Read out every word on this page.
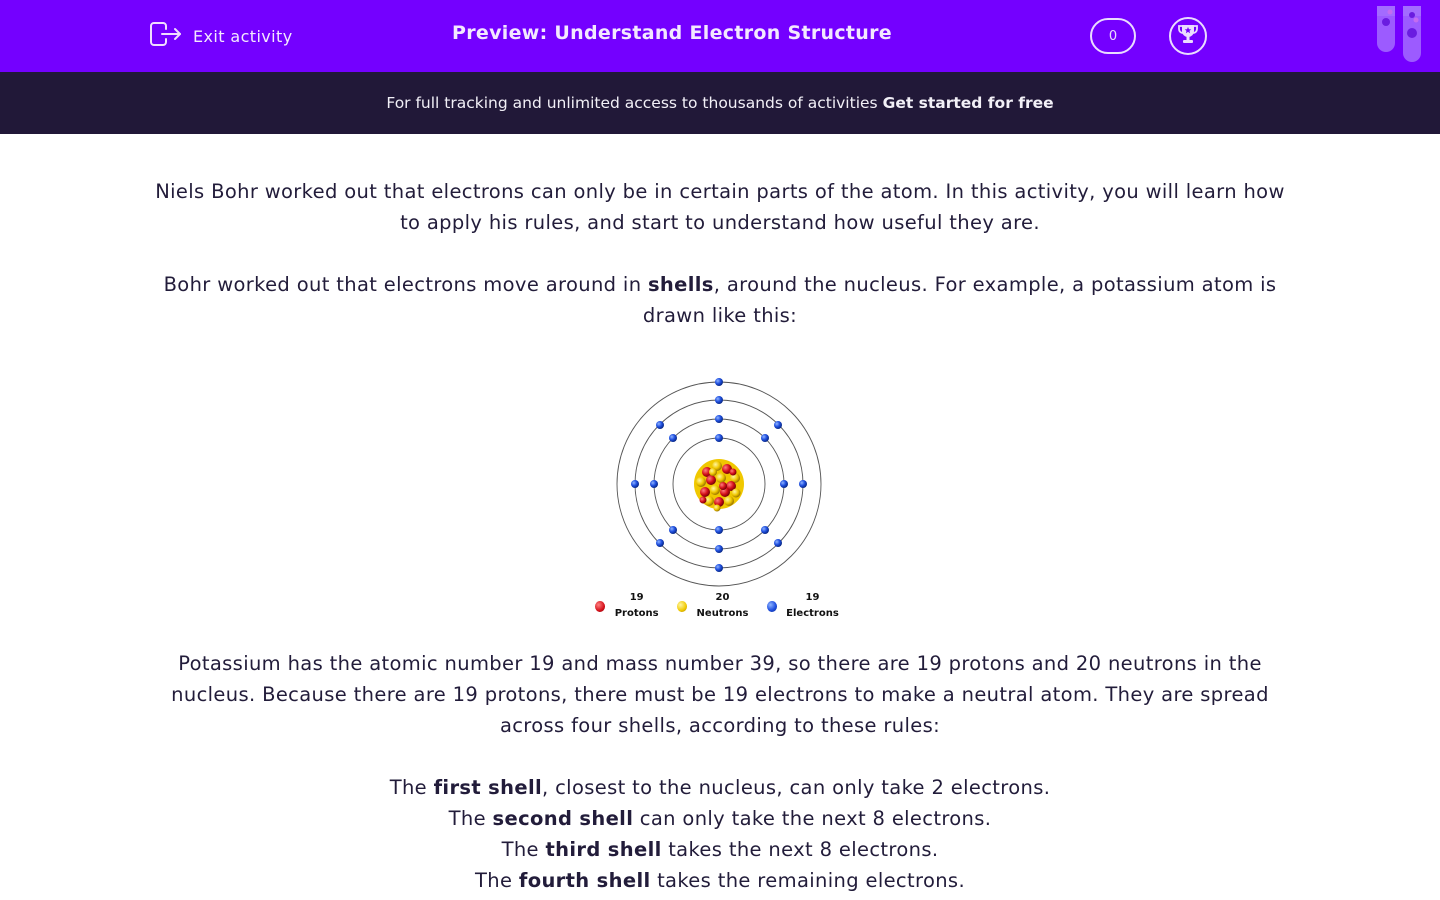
Exit activity	Preview: Understand Electron Structure	0
For full tracking and unlimited access to thousands of activities Get started for free

Niels Bohr worked out that electrons can only be in certain parts of the atom. In this activity, you will learn how to apply his rules, and start to understand how useful they are.

Bohr worked out that electrons move around in shells, around the nucleus. For example, a potassium atom is drawn like this:

19 Protons
20 Neutrons
19 Electrons

Potassium has the atomic number 19 and mass number 39, so there are 19 protons and 20 neutrons in the nucleus. Because there are 19 protons, there must be 19 electrons to make a neutral atom. They are spread across four shells, according to these rules:

The first shell, closest to the nucleus, can only take 2 electrons.

The second shell can only take the next 8 electrons.

The third shell takes the next 8 electrons.

The fourth shell takes the remaining electrons.
